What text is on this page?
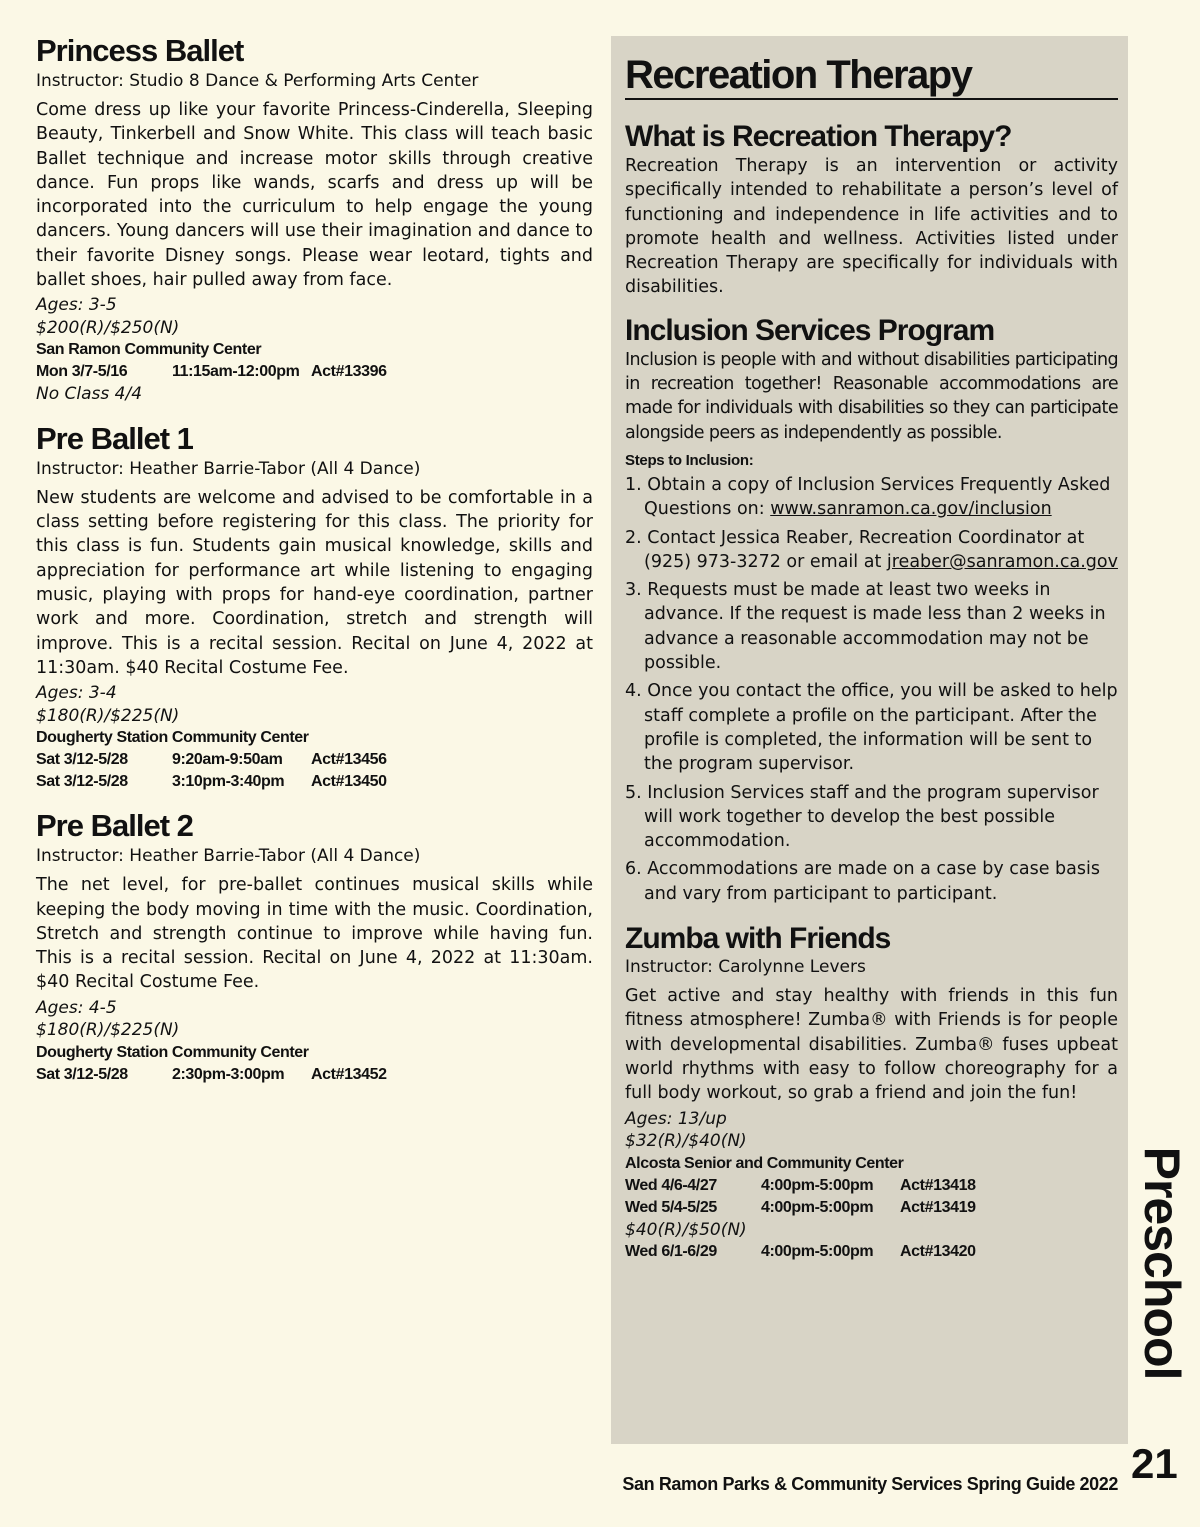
Princess Ballet

Instructor: Studio 8 Dance & Performing Arts Center

Come dress up like your favorite Princess-Cinderella, Sleeping Beauty, Tinkerbell and Snow White. This class will teach basic Ballet technique and increase motor skills through creative dance. Fun props like wands, scarfs and dress up will be incorporated into the curriculum to help engage the young dancers. Young dancers will use their imagination and dance to their favorite Disney songs. Please wear leotard, tights and ballet shoes, hair pulled away from face.

Ages: 3-5
$200(R)/$250(N)
San Ramon Community Center
Mon 3/7-5/16	11:15am-12:00pm Act#13396
No Class 4/4
Pre Ballet 1

Instructor: Heather Barrie-Tabor (All 4 Dance)

New students are welcome and advised to be comfortable in a class setting before registering for this class. The priority for this class is fun. Students gain musical knowledge, skills and appreciation for performance art while listening to engaging music, playing with props for hand-eye coordination, partner work and more. Coordination, stretch and strength will improve. This is a recital session. Recital on June 4, 2022 at 11:30am. $40 Recital Costume Fee.

Ages: 3-4
$180(R)/$225(N)
Dougherty Station Community Center
Sat 3/12-5/28	9:20am-9:50am	Act#13456
Sat 3/12-5/28	3:10pm-3:40pm	Act#13450
Pre Ballet 2

Instructor: Heather Barrie-Tabor (All 4 Dance)

The net level, for pre-ballet continues musical skills while keeping the body moving in time with the music. Coordination, Stretch and strength continue to improve while having fun. This is a recital session. Recital on June 4, 2022 at 11:30am. $40 Recital Costume Fee.

Ages: 4-5
$180(R)/$225(N)
Dougherty Station Community Center
Sat 3/12-5/28	2:30pm-3:00pm	Act#13452
Recreation Therapy
What is Recreation Therapy?

Recreation Therapy is an intervention or activity specifically intended to rehabilitate a person’s level of functioning and independence in life activities and to promote health and wellness. Activities listed under Recreation Therapy are specifically for individuals with disabilities.

Inclusion Services Program

Inclusion is people with and without disabilities participating in recreation together! Reasonable accommodations are made for individuals with disabilities so they can participate alongside peers as independently as possible.

Steps to Inclusion:
1. Obtain a copy of Inclusion Services Frequently Asked Questions on: www.sanramon.ca.gov/inclusion
2. Contact Jessica Reaber, Recreation Coordinator at (925) 973-3272 or email at jreaber@sanramon.ca.gov
3. Requests must be made at least two weeks in advance. If the request is made less than 2 weeks in advance a reasonable accommodation may not be possible.
4. Once you contact the office, you will be asked to help staff complete a profile on the participant. After the profile is completed, the information will be sent to the program supervisor.
5. Inclusion Services staff and the program supervisor will work together to develop the best possible accommodation.
6. Accommodations are made on a case by case basis and vary from participant to participant.
Zumba with Friends

Instructor: Carolynne Levers

Get active and stay healthy with friends in this fun fitness atmosphere! Zumba® with Friends is for people with developmental disabilities. Zumba® fuses upbeat world rhythms with easy to follow choreography for a full body workout, so grab a friend and join the fun!

Ages: 13/up
$32(R)/$40(N)
Alcosta Senior and Community Center
Wed 4/6-4/27	4:00pm-5:00pm	Act#13418
Wed 5/4-5/25	4:00pm-5:00pm	Act#13419
$40(R)/$50(N)
Wed 6/1-6/29	4:00pm-5:00pm	Act#13420	Preschool
21
San Ramon Parks & Community Services Spring Guide 2022
